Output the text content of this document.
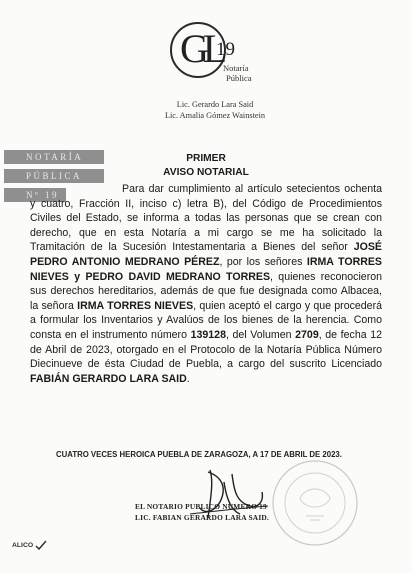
GL
19
Notaría
Pública
Lic. Gerardo Lara Said
Lic. Amalia Gómez Wainstein
NOTARÍA
PÚBLICA
Nº 19
PRIMER
AVISO NOTARIAL
Para dar cumplimiento al artículo setecientos ochenta y cuatro, Fracción II, inciso c) letra B), del Código de Procedimientos Civiles del Estado, se informa a todas las personas que se crean con derecho, que en esta Notaría a mi cargo se me ha solicitado la Tramitación de la Sucesión Intestamentaria a Bienes del señor JOSÉ PEDRO ANTONIO MEDRANO PÉREZ, por los señores IRMA TORRES NIEVES y PEDRO DAVID MEDRANO TORRES, quienes reconocieron sus derechos hereditarios, además de que fue designada como Albacea, la señora IRMA TORRES NIEVES, quien aceptó el cargo y que procederá a formular los Inventarios y Avalúos de los bienes de la herencia. Como consta en el instrumento número 139128, del Volumen 2709, de fecha 12 de Abril de 2023, otorgado en el Protocolo de la Notaría Pública Número Diecinueve de ésta Ciudad de Puebla, a cargo del suscrito Licenciado FABIÁN GERARDO LARA SAID.
CUATRO VECES HEROICA PUEBLA DE ZARAGOZA, A 17 DE ABRIL DE 2023.
EL NOTARIO PUBLICO NUMERO 19
LIC. FABIAN GERARDO LARA SAID.
ALICO
